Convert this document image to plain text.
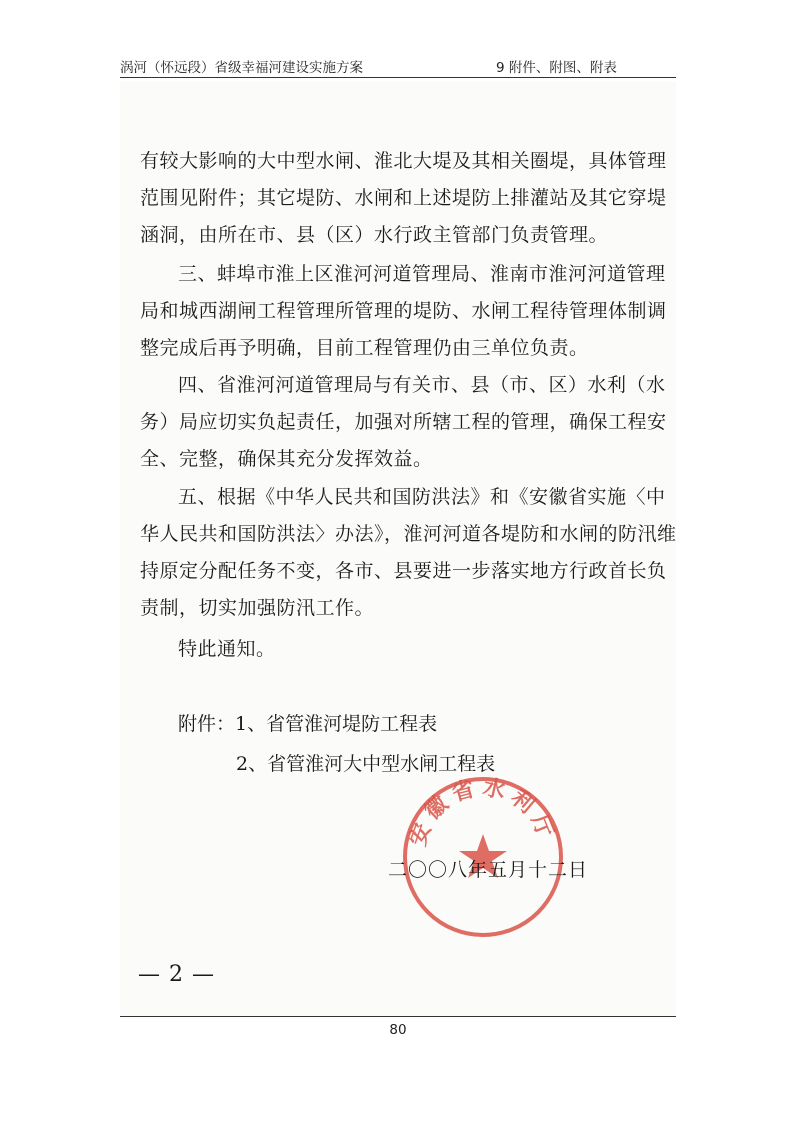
涡河（怀远段）省级幸福河建设实施方案	9 附件、附图、附表
有较大影响的大中型水闸、淮北大堤及其相关圈堤，具体管理
范围见附件；其它堤防、水闸和上述堤防上排灌站及其它穿堤
涵洞，由所在市、县（区）水行政主管部门负责管理。
三、蚌埠市淮上区淮河河道管理局、淮南市淮河河道管理
局和城西湖闸工程管理所管理的堤防、水闸工程待管理体制调
整完成后再予明确，目前工程管理仍由三单位负责。
四、省淮河河道管理局与有关市、县（市、区）水利（水
务）局应切实负起责任，加强对所辖工程的管理，确保工程安
全、完整，确保其充分发挥效益。
五、根据《中华人民共和国防洪法》和《安徽省实施〈中
华人民共和国防洪法〉办法》，淮河河道各堤防和水闸的防汛维
持原定分配任务不变，各市、县要进一步落实地方行政首长负
责制，切实加强防汛工作。
特此通知。
附件：1、省管淮河堤防工程表
2、省管淮河大中型水闸工程表
安徽省水利厅
二〇〇八年五月十二日
— 2 —
80
